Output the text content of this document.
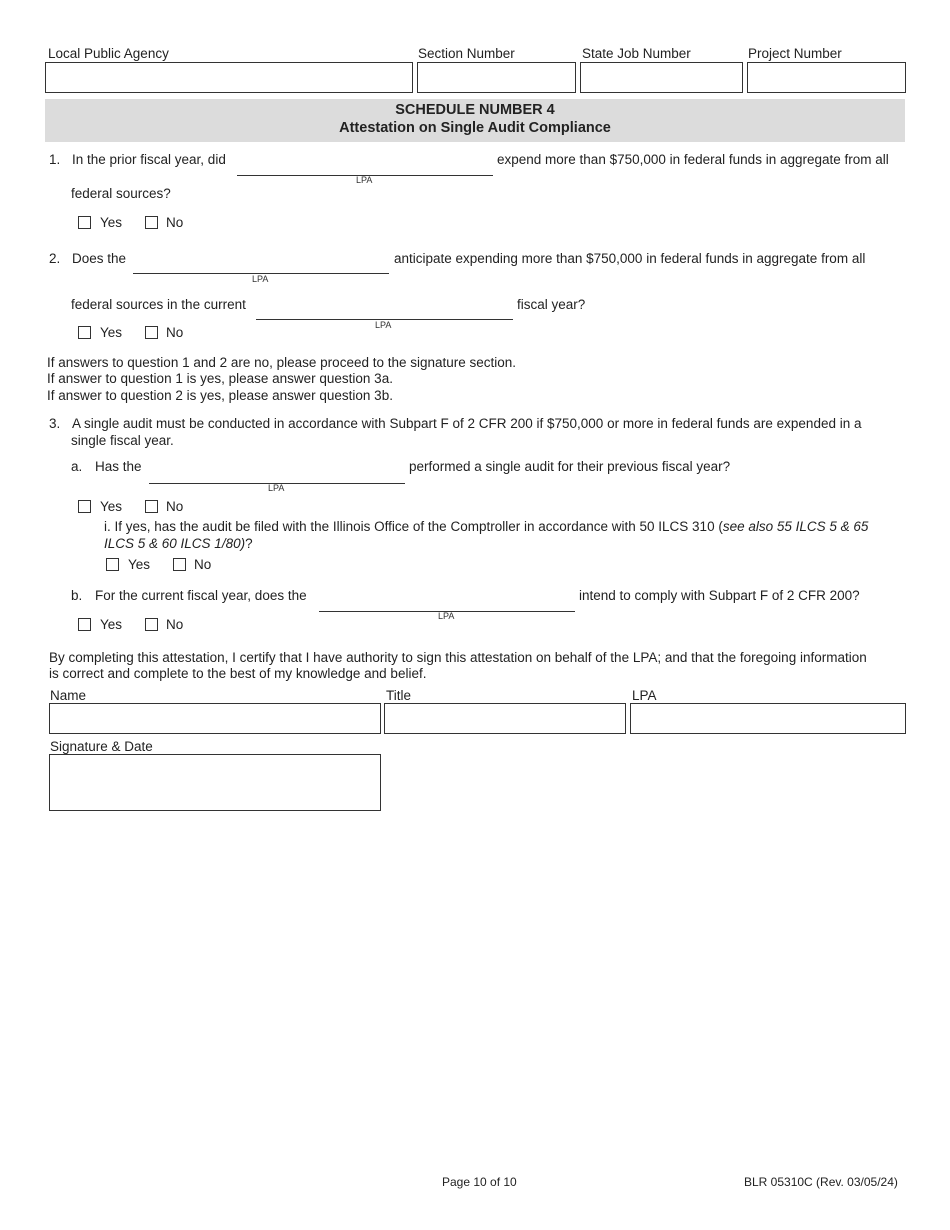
Local Public Agency	Section Number	State Job Number	Project Number
SCHEDULE NUMBER 4
Attestation on Single Audit Compliance
1. In the prior fiscal year, did
LPA
expend more than $750,000 in federal funds in aggregate from all
federal sources?
Yes	No
2. Does the
LPA
anticipate expending more than $750,000 in federal funds in aggregate from all
federal sources in the current
LPA
fiscal year?
Yes	No
If answers to question 1 and 2 are no, please proceed to the signature section.
If answer to question 1 is yes, please answer question 3a.
If answer to question 2 is yes, please answer question 3b.
3. A single audit must be conducted in accordance with Subpart F of 2 CFR 200 if $750,000 or more in federal funds are expended in a
single fiscal year.
a. Has the
LPA
performed a single audit for their previous fiscal year?
Yes	No
i. If yes, has the audit be filed with the Illinois Office of the Comptroller in accordance with 50 ILCS 310 (see also 55 ILCS 5 & 65
ILCS 5 & 60 ILCS 1/80)?
Yes	No
b. For the current fiscal year, does the
LPA
intend to comply with Subpart F of 2 CFR 200?
Yes	No
By completing this attestation, I certify that I have authority to sign this attestation on behalf of the LPA; and that the foregoing information
is correct and complete to the best of my knowledge and belief.
Name	Title	LPA
Signature & Date
Page 10 of 10	BLR 05310C (Rev. 03/05/24)
